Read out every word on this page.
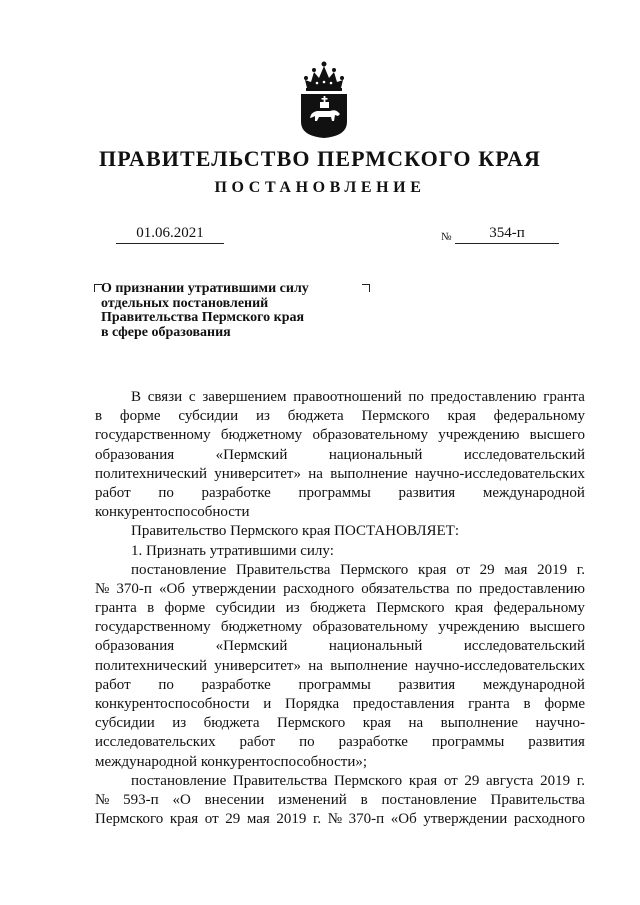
ПРАВИТЕЛЬСТВО ПЕРМСКОГО КРАЯ
ПОСТАНОВЛЕНИЕ
01.06.2021	№	354-п
О признании утратившими силу
отдельных постановлений
Правительства Пермского края
в сфере образования
В связи с завершением правоотношений по предоставлению гранта
в форме субсидии из бюджета Пермского края федеральному
государственному бюджетному образовательному учреждению высшего
образования	«Пермский	национальный	исследовательский
политехнический университет» на выполнение научно-исследовательских
работ по разработке программы развития международной
конкурентоспособности
Правительство Пермского края ПОСТАНОВЛЯЕТ:
1. Признать утратившими силу:
постановление Правительства Пермского края от 29 мая 2019 г.
№ 370-п «Об утверждении расходного обязательства по предоставлению
гранта в форме субсидии из бюджета Пермского края федеральному
государственному бюджетному образовательному учреждению высшего
образования	«Пермский	национальный	исследовательский
политехнический университет» на выполнение научно-исследовательских
работ по разработке программы развития международной
конкурентоспособности и Порядка предоставления гранта в форме
субсидии из бюджета Пермского края на выполнение научно-
исследовательских работ по разработке программы развития
международной конкурентоспособности»;
постановление Правительства Пермского края от 29 августа 2019 г.
№ 593-п «О внесении изменений в постановление Правительства
Пермского края от 29 мая 2019 г. № 370-п «Об утверждении расходного
